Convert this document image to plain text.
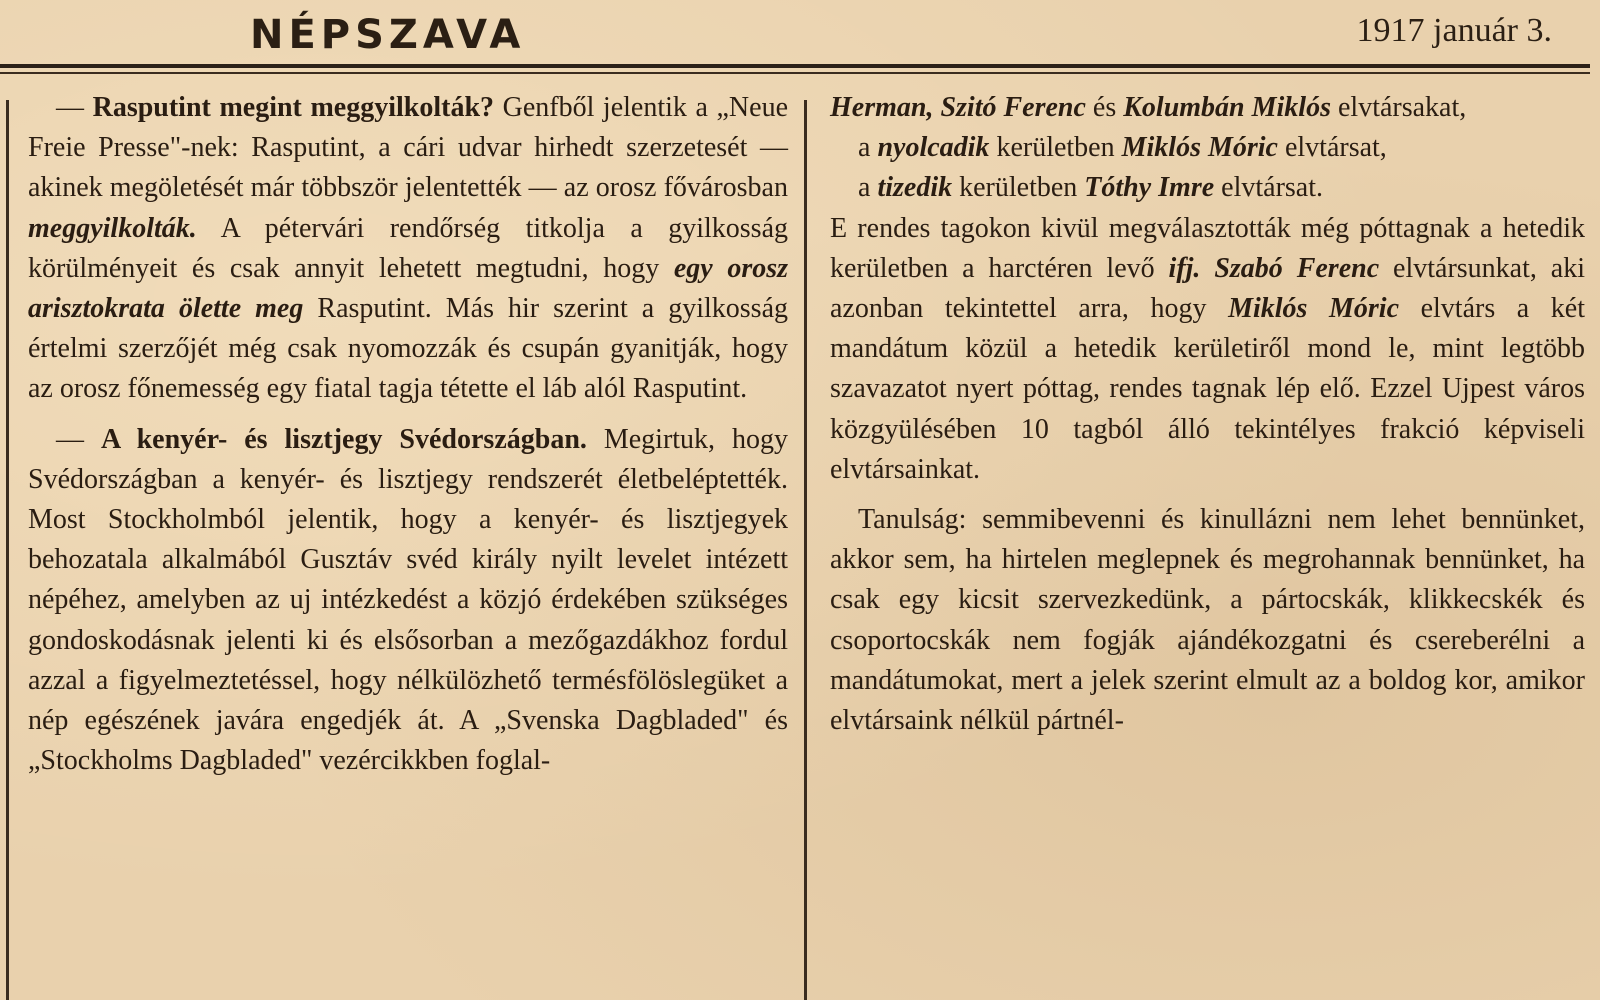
NÉPSZAVA	1917 január 3.

— Rasputint megint meggyilkolták? Genfből jelentik a „Neue Freie Presse"-nek: Rasputint, a cári udvar hirhedt szerzetesét — akinek megöletését már többször jelentették — az orosz fővárosban meggyilkolták. A pétervári rendőrség titkolja a gyilkosság körülményeit és csak annyit lehetett megtudni, hogy egy orosz arisztokrata ölette meg Rasputint. Más hir szerint a gyilkosság értelmi szerzőjét még csak nyomozzák és csupán gyanitják, hogy az orosz főnemesség egy fiatal tagja tétette el láb alól Rasputint.

— A kenyér- és lisztjegy Svédországban. Megirtuk, hogy Svédországban a kenyér- és lisztjegy rendszerét életbeléptették. Most Stockholmból jelentik, hogy a kenyér- és lisztjegyek behozatala alkalmából Gusztáv svéd király nyilt levelet intézett népéhez, amelyben az uj intézkedést a közjó érdekében szükséges gondoskodásnak jelenti ki és elsősorban a mezőgazdákhoz fordul azzal a figyelmeztetéssel, hogy nélkülözhető termésfölöslegüket a nép egészének javára engedjék át. A „Svenska Dagbladed" és „Stockholms Dagbladed" vezércikkben foglal-

Herman, Szitó Ferenc és Kolumbán Miklós elvtársakat,

a nyolcadik kerületben Miklós Móric elvtársat,

a tizedik kerületben Tóthy Imre elvtársat.

E rendes tagokon kivül megválasztották még póttagnak a hetedik kerületben a harctéren levő ifj. Szabó Ferenc elvtársunkat, aki azonban tekintettel arra, hogy Miklós Móric elvtárs a két mandátum közül a hetedik kerületiről mond le, mint legtöbb szavazatot nyert póttag, rendes tagnak lép elő. Ezzel Ujpest város közgyülésében 10 tagból álló tekintélyes frakció képviseli elvtársainkat.

Tanulság: semmibevenni és kinullázni nem lehet bennünket, akkor sem, ha hirtelen meglepnek és megrohannak bennünket, ha csak egy kicsit szervezkedünk, a pártocskák, klikkecskék és csoportocskák nem fogják ajándékozgatni és csereberélni a mandátumokat, mert a jelek szerint elmult az a boldog kor, amikor elvtársaink nélkül pártnél-
